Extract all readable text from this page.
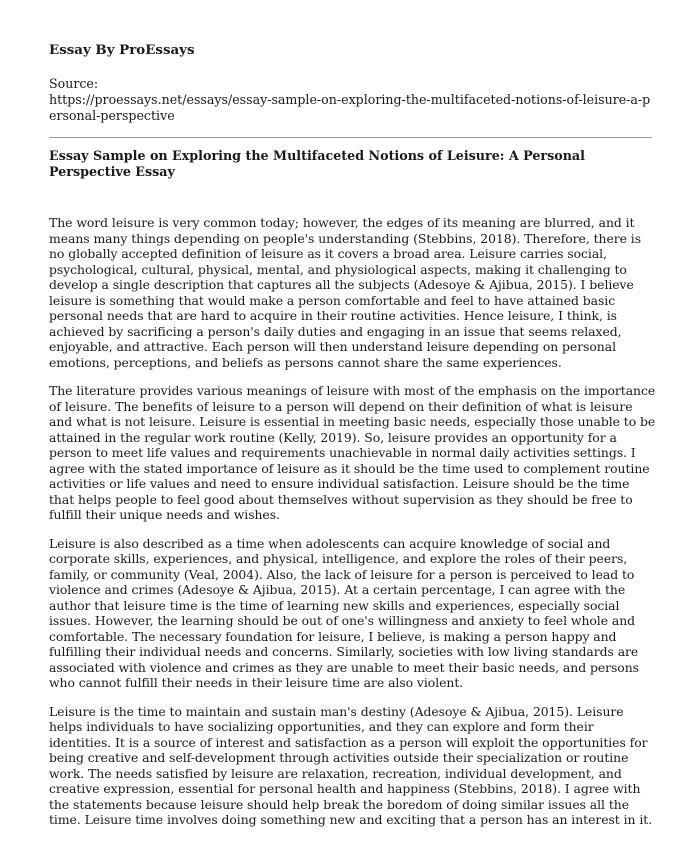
Essay By ProEssays
Source:
https://proessays.net/essays/essay-sample-on-exploring-the-multifaceted-notions-of-leisure-a-personal-perspective
Essay Sample on Exploring the Multifaceted Notions of Leisure: A Personal Perspective Essay

The word leisure is very common today; however, the edges of its meaning are blurred, and it means many things depending on people's understanding (Stebbins, 2018). Therefore, there is no globally accepted definition of leisure as it covers a broad area. Leisure carries social, psychological, cultural, physical, mental, and physiological aspects, making it challenging to develop a single description that captures all the subjects (Adesoye & Ajibua, 2015). I believe leisure is something that would make a person comfortable and feel to have attained basic personal needs that are hard to acquire in their routine activities. Hence leisure, I think, is achieved by sacrificing a person's daily duties and engaging in an issue that seems relaxed, enjoyable, and attractive. Each person will then understand leisure depending on personal emotions, perceptions, and beliefs as persons cannot share the same experiences.

The literature provides various meanings of leisure with most of the emphasis on the importance of leisure. The benefits of leisure to a person will depend on their definition of what is leisure and what is not leisure. Leisure is essential in meeting basic needs, especially those unable to be attained in the regular work routine (Kelly, 2019). So, leisure provides an opportunity for a person to meet life values and requirements unachievable in normal daily activities settings. I agree with the stated importance of leisure as it should be the time used to complement routine activities or life values and need to ensure individual satisfaction. Leisure should be the time that helps people to feel good about themselves without supervision as they should be free to fulfill their unique needs and wishes.

Leisure is also described as a time when adolescents can acquire knowledge of social and corporate skills, experiences, and physical, intelligence, and explore the roles of their peers, family, or community (Veal, 2004). Also, the lack of leisure for a person is perceived to lead to violence and crimes (Adesoye & Ajibua, 2015). At a certain percentage, I can agree with the author that leisure time is the time of learning new skills and experiences, especially social issues. However, the learning should be out of one's willingness and anxiety to feel whole and comfortable. The necessary foundation for leisure, I believe, is making a person happy and fulfilling their individual needs and concerns. Similarly, societies with low living standards are associated with violence and crimes as they are unable to meet their basic needs, and persons who cannot fulfill their needs in their leisure time are also violent.

Leisure is the time to maintain and sustain man's destiny (Adesoye & Ajibua, 2015). Leisure helps individuals to have socializing opportunities, and they can explore and form their identities. It is a source of interest and satisfaction as a person will exploit the opportunities for being creative and self-development through activities outside their specialization or routine work. The needs satisfied by leisure are relaxation, recreation, individual development, and creative expression, essential for personal health and happiness (Stebbins, 2018). I agree with the statements because leisure should help break the boredom of doing similar issues all the time. Leisure time involves doing something new and exciting that a person has an interest in it.
